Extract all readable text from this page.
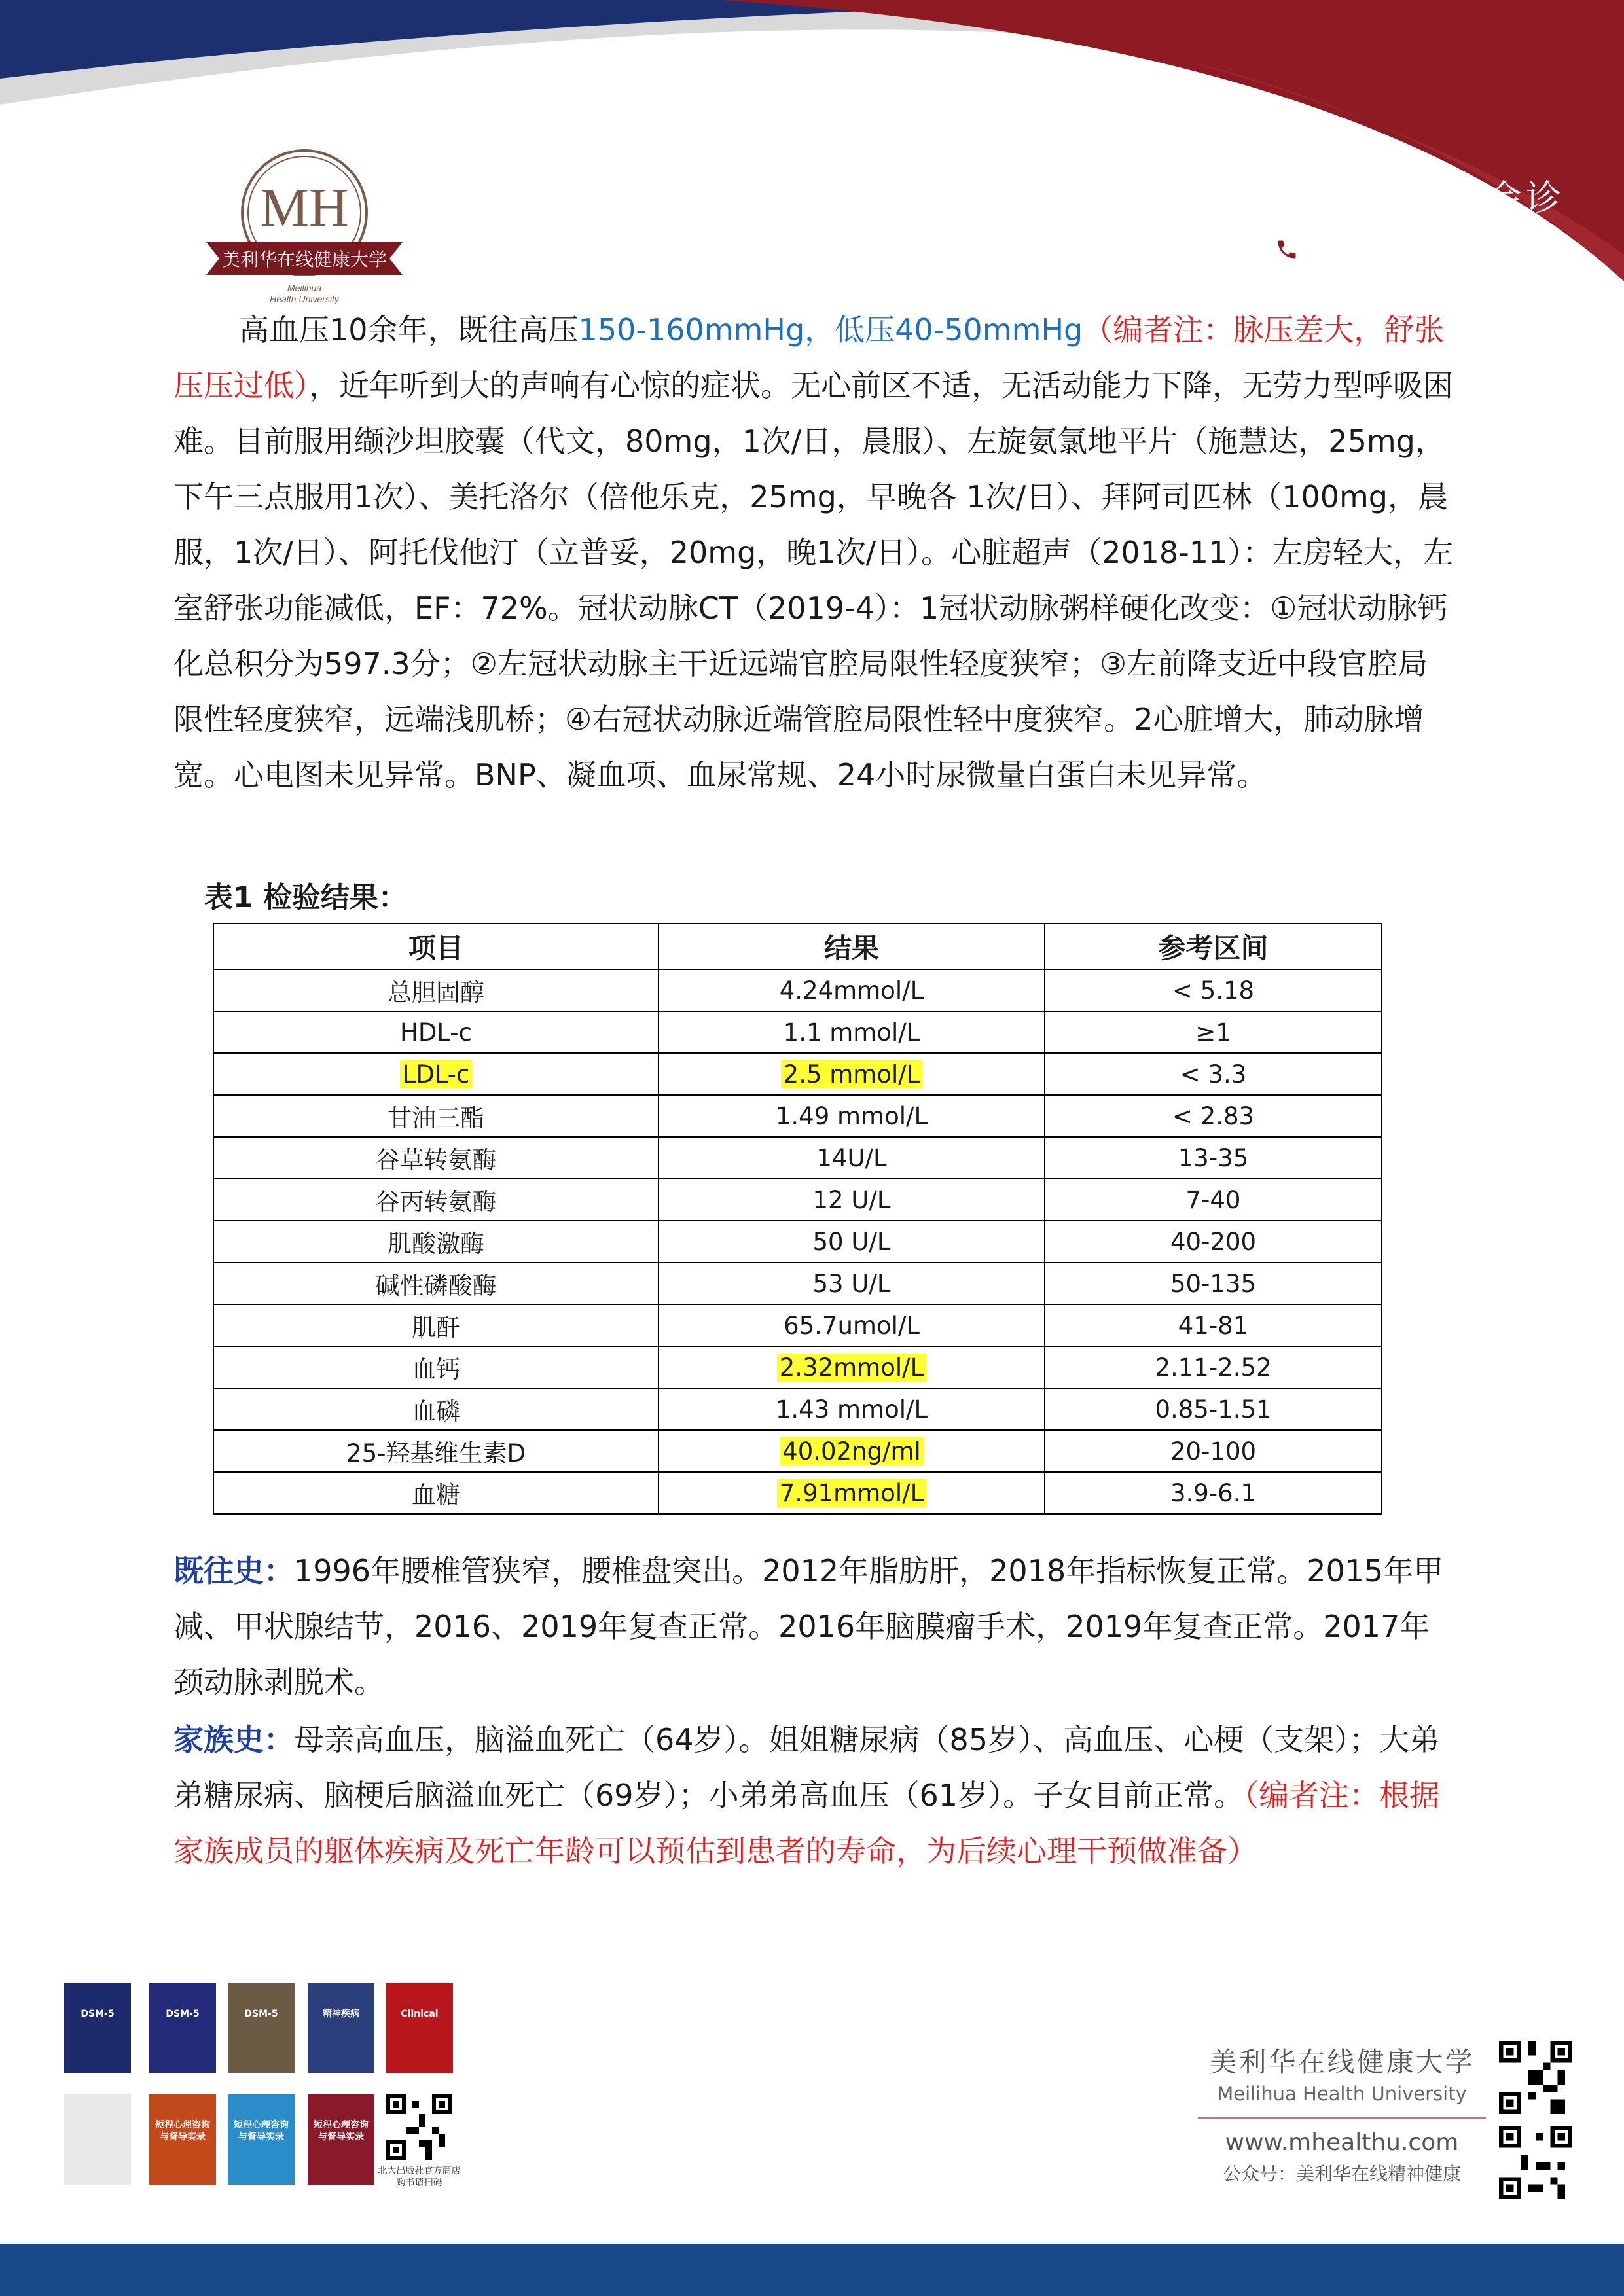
MH
美利华在线健康大学
Meilihua
Health University
报名学习 督导会诊
4000-218-718

高血压10余年，既往高压150-160mmHg，低压40-50mmHg（编者注：脉压差大，舒张压压过低），近年听到大的声响有心惊的症状。无心前区不适，无活动能力下降，无劳力型呼吸困难。目前服用缬沙坦胶囊（代文，80mg，1次/日，晨服）、左旋氨氯地平片（施慧达，25mg，下午三点服用1次）、美托洛尔（倍他乐克，25mg，早晚各 1次/日）、拜阿司匹林（100mg，晨服，1次/日）、阿托伐他汀（立普妥，20mg，晚1次/日）。心脏超声（2018-11）：左房轻大，左室舒张功能减低，EF：72%。冠状动脉CT（2019-4）：1冠状动脉粥样硬化改变：①冠状动脉钙化总积分为597.3分；②左冠状动脉主干近远端官腔局限性轻度狭窄；③左前降支近中段官腔局限性轻度狭窄，远端浅肌桥；④右冠状动脉近端管腔局限性轻中度狭窄。2心脏增大，肺动脉增宽。心电图未见异常。BNP、凝血项、血尿常规、24小时尿微量白蛋白未见异常。

表1 检验结果：
项目	结果	参考区间
总胆固醇	4.24mmol/L	< 5.18
HDL-c	1.1 mmol/L	≥1
LDL-c	2.5 mmol/L	< 3.3
甘油三酯	1.49 mmol/L	< 2.83
谷草转氨酶	14U/L	13-35
谷丙转氨酶	12 U/L	7-40
肌酸激酶	50 U/L	40-200
碱性磷酸酶	53 U/L	50-135
肌酐	65.7umol/L	41-81
血钙	2.32mmol/L	2.11-2.52
血磷	1.43 mmol/L	0.85-1.51
25-羟基维生素D	40.02ng/ml	20-100
血糖	7.91mmol/L	3.9-6.1

既往史：1996年腰椎管狭窄，腰椎盘突出。2012年脂肪肝，2018年指标恢复正常。2015年甲减、甲状腺结节，2016、2019年复查正常。2016年脑膜瘤手术，2019年复查正常。2017年颈动脉剥脱术。

家族史：母亲高血压，脑溢血死亡（64岁）。姐姐糖尿病（85岁）、高血压、心梗（支架）；大弟弟糖尿病、脑梗后脑溢血死亡（69岁）；小弟弟高血压（61岁）。子女目前正常。（编者注：根据家族成员的躯体疾病及死亡年龄可以预估到患者的寿命，为后续心理干预做准备）

DSM-5	DSM-5	DSM-5	精神疾病	Clinical
短程心理咨询与督导实录
短程心理咨询与督导实录
短程心理咨询与督导实录
北大出版社官方商店
购书请扫码
美利华在线健康大学
Meilihua Health University
www.mhealthu.com
公众号：美利华在线精神健康
